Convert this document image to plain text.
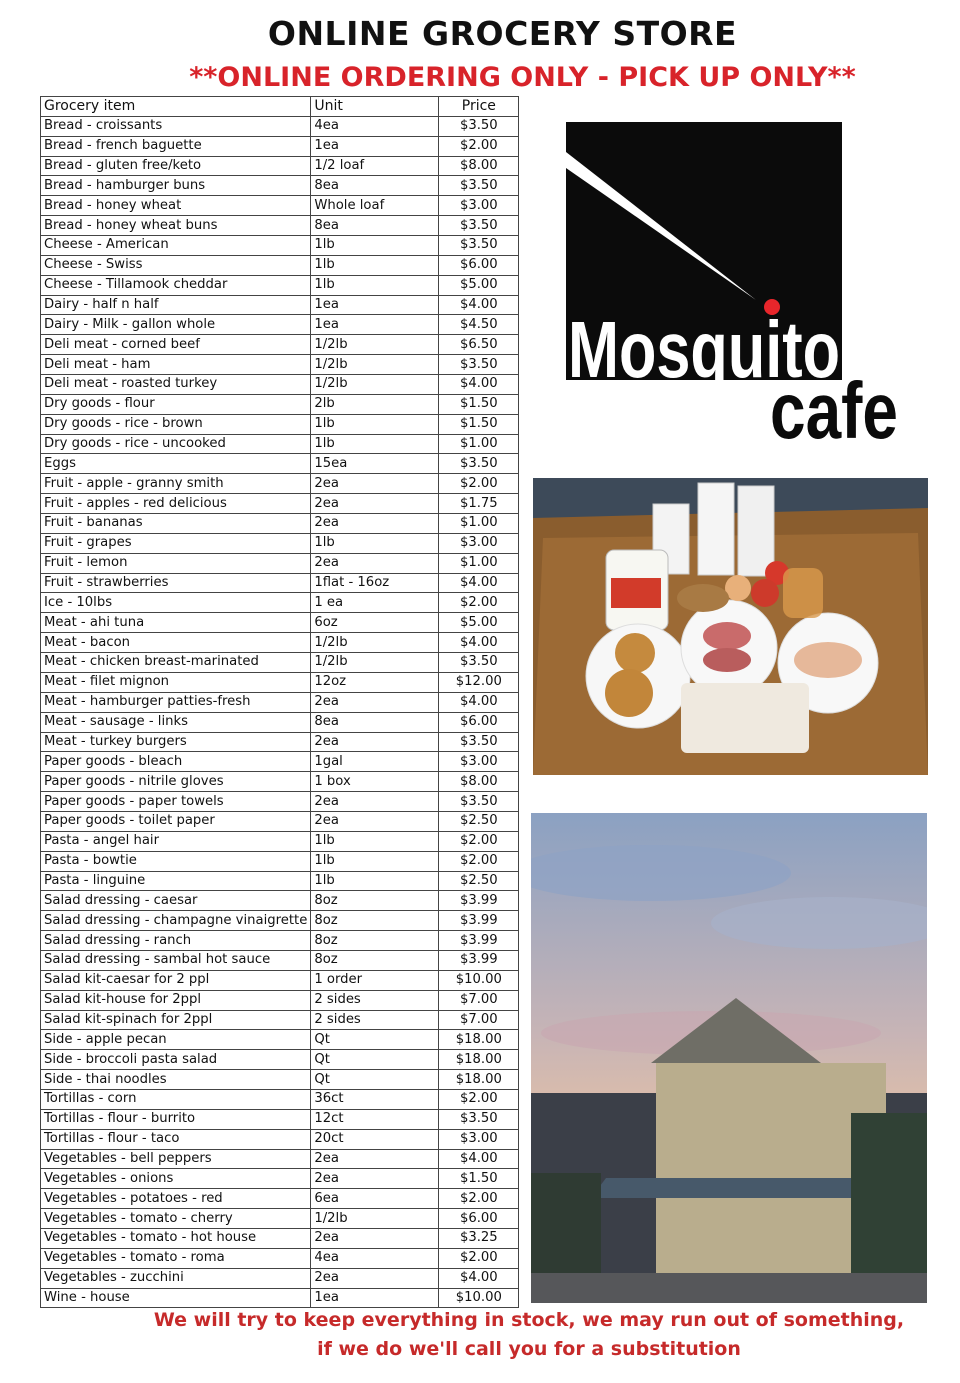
ONLINE GROCERY STORE
**ONLINE ORDERING ONLY - PICK UP ONLY**
Grocery item	Unit	Price
Bread - croissants	4ea	$3.50
Bread - french baguette	1ea	$2.00
Bread - gluten free/keto	1/2 loaf	$8.00
Bread - hamburger buns	8ea	$3.50
Bread - honey wheat	Whole loaf	$3.00
Bread - honey wheat buns	8ea	$3.50
Cheese - American	1lb	$3.50
Cheese - Swiss	1lb	$6.00
Cheese - Tillamook cheddar	1lb	$5.00
Dairy - half n half	1ea	$4.00
Dairy - Milk - gallon whole	1ea	$4.50
Deli meat - corned beef	1/2lb	$6.50
Deli meat - ham	1/2lb	$3.50
Deli meat - roasted turkey	1/2lb	$4.00
Dry goods - flour	2lb	$1.50
Dry goods - rice - brown	1lb	$1.50
Dry goods - rice - uncooked	1lb	$1.00
Eggs	15ea	$3.50
Fruit - apple - granny smith	2ea	$2.00
Fruit - apples - red delicious	2ea	$1.75
Fruit - bananas	2ea	$1.00
Fruit - grapes	1lb	$3.00
Fruit - lemon	2ea	$1.00
Fruit - strawberries	1flat - 16oz	$4.00
Ice - 10lbs	1 ea	$2.00
Meat - ahi tuna	6oz	$5.00
Meat - bacon	1/2lb	$4.00
Meat - chicken breast-marinated	1/2lb	$3.50
Meat - filet mignon	12oz	$12.00
Meat - hamburger patties-fresh	2ea	$4.00
Meat - sausage - links	8ea	$6.00
Meat - turkey burgers	2ea	$3.50
Paper goods - bleach	1gal	$3.00
Paper goods - nitrile gloves	1 box	$8.00
Paper goods - paper towels	2ea	$3.50
Paper goods - toilet paper	2ea	$2.50
Pasta - angel hair	1lb	$2.00
Pasta - bowtie	1lb	$2.00
Pasta - linguine	1lb	$2.50
Salad dressing - caesar	8oz	$3.99
Salad dressing - champagne vinaigrette	8oz	$3.99
Salad dressing - ranch	8oz	$3.99
Salad dressing - sambal hot sauce	8oz	$3.99
Salad kit-caesar for 2 ppl	1 order	$10.00
Salad kit-house for 2ppl	2 sides	$7.00
Salad kit-spinach for 2ppl	2 sides	$7.00
Side - apple pecan	Qt	$18.00
Side - broccoli pasta salad	Qt	$18.00
Side - thai noodles	Qt	$18.00
Tortillas - corn	36ct	$2.00
Tortillas - flour - burrito	12ct	$3.50
Tortillas - flour - taco	20ct	$3.00
Vegetables - bell peppers	2ea	$4.00
Vegetables - onions	2ea	$1.50
Vegetables - potatoes - red	6ea	$2.00
Vegetables - tomato - cherry	1/2lb	$6.00
Vegetables - tomato - hot house	2ea	$3.25
Vegetables - tomato - roma	4ea	$2.00
Vegetables - zucchini	2ea	$4.00
Wine - house	1ea	$10.00
Mosquito
cafe
We will try to keep everything in stock, we may run out of something,
if we do we'll call you for a substitution
